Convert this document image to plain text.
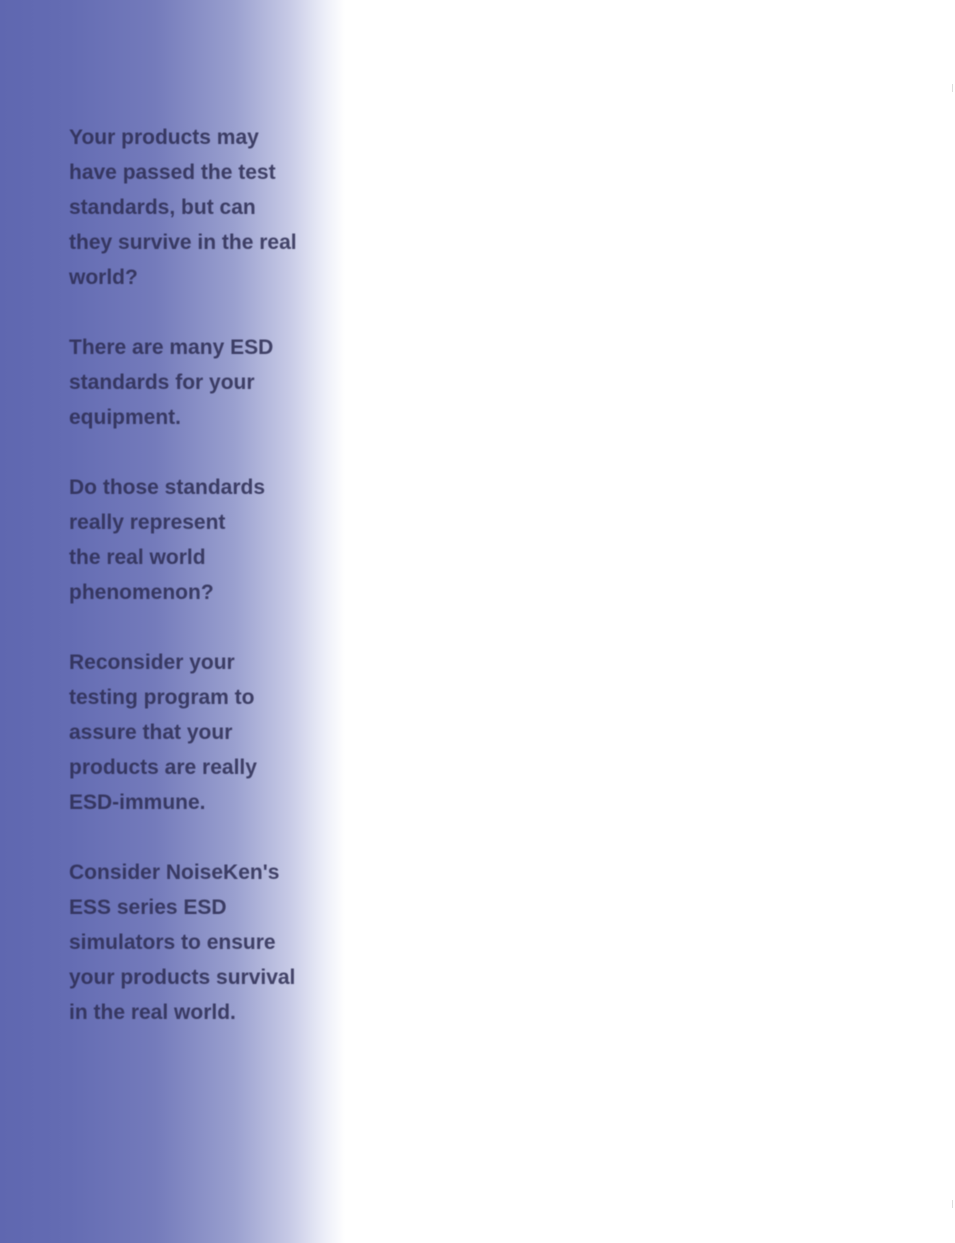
Your products may
have passed the test
standards, but can
they survive in the real
world?

There are many ESD
standards for your
equipment.

Do those standards
really represent
the real world
phenomenon?

Reconsider your
testing program to
assure that your
products are really
ESD-immune.

Consider NoiseKen's
ESS series ESD
simulators to ensure
your products survival
in the real world.
